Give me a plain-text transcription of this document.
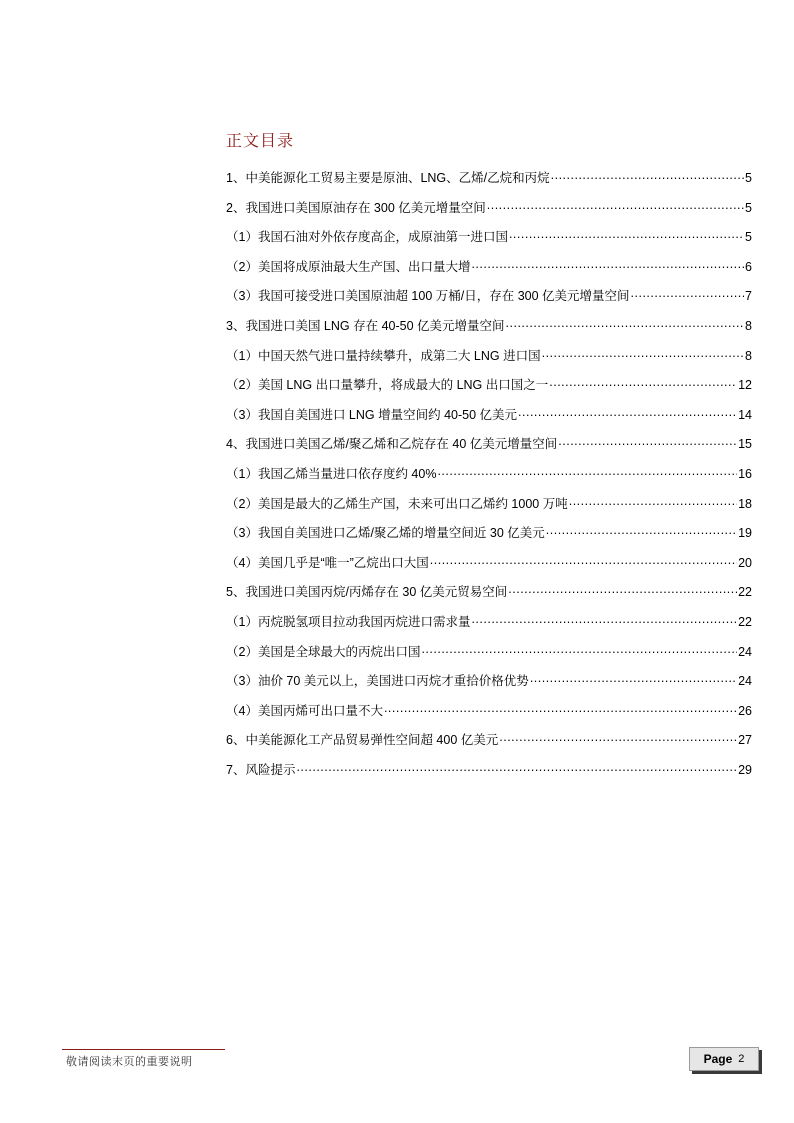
正文目录
1、中美能源化工贸易主要是原油、LNG、乙烯/乙烷和丙烷 .....	5
2、我国进口美国原油存在 300 亿美元增量空间 .....	5
（1）我国石油对外依存度高企，成原油第一进口国 .....	5
（2）美国将成原油最大生产国、出口量大增 .....	6
（3）我国可接受进口美国原油超 100 万桶/日，存在 300 亿美元增量空间 .....	7
3、我国进口美国 LNG 存在 40-50 亿美元增量空间 .....	8
（1）中国天然气进口量持续攀升，成第二大 LNG 进口国 .....	8
（2）美国 LNG 出口量攀升，将成最大的 LNG 出口国之一 .....	12
（3）我国自美国进口 LNG 增量空间约 40-50 亿美元 .....	14
4、我国进口美国乙烯/聚乙烯和乙烷存在 40 亿美元增量空间 .....	15
（1）我国乙烯当量进口依存度约 40% .....	16
（2）美国是最大的乙烯生产国，未来可出口乙烯约 1000 万吨 .....	18
（3）我国自美国进口乙烯/聚乙烯的增量空间近 30 亿美元 .....	19
（4）美国几乎是“唯一”乙烷出口大国 .....	20
5、我国进口美国丙烷/丙烯存在 30 亿美元贸易空间 .....	22
（1）丙烷脱氢项目拉动我国丙烷进口需求量 .....	22
（2）美国是全球最大的丙烷出口国 .....	24
（3）油价 70 美元以上，美国进口丙烷才重拾价格优势 .....	24
（4）美国丙烯可出口量不大 .....	26
6、中美能源化工产品贸易弹性空间超 400 亿美元 .....	27
7、风险提示 .....	29
敬请阅读末页的重要说明	Page 2
